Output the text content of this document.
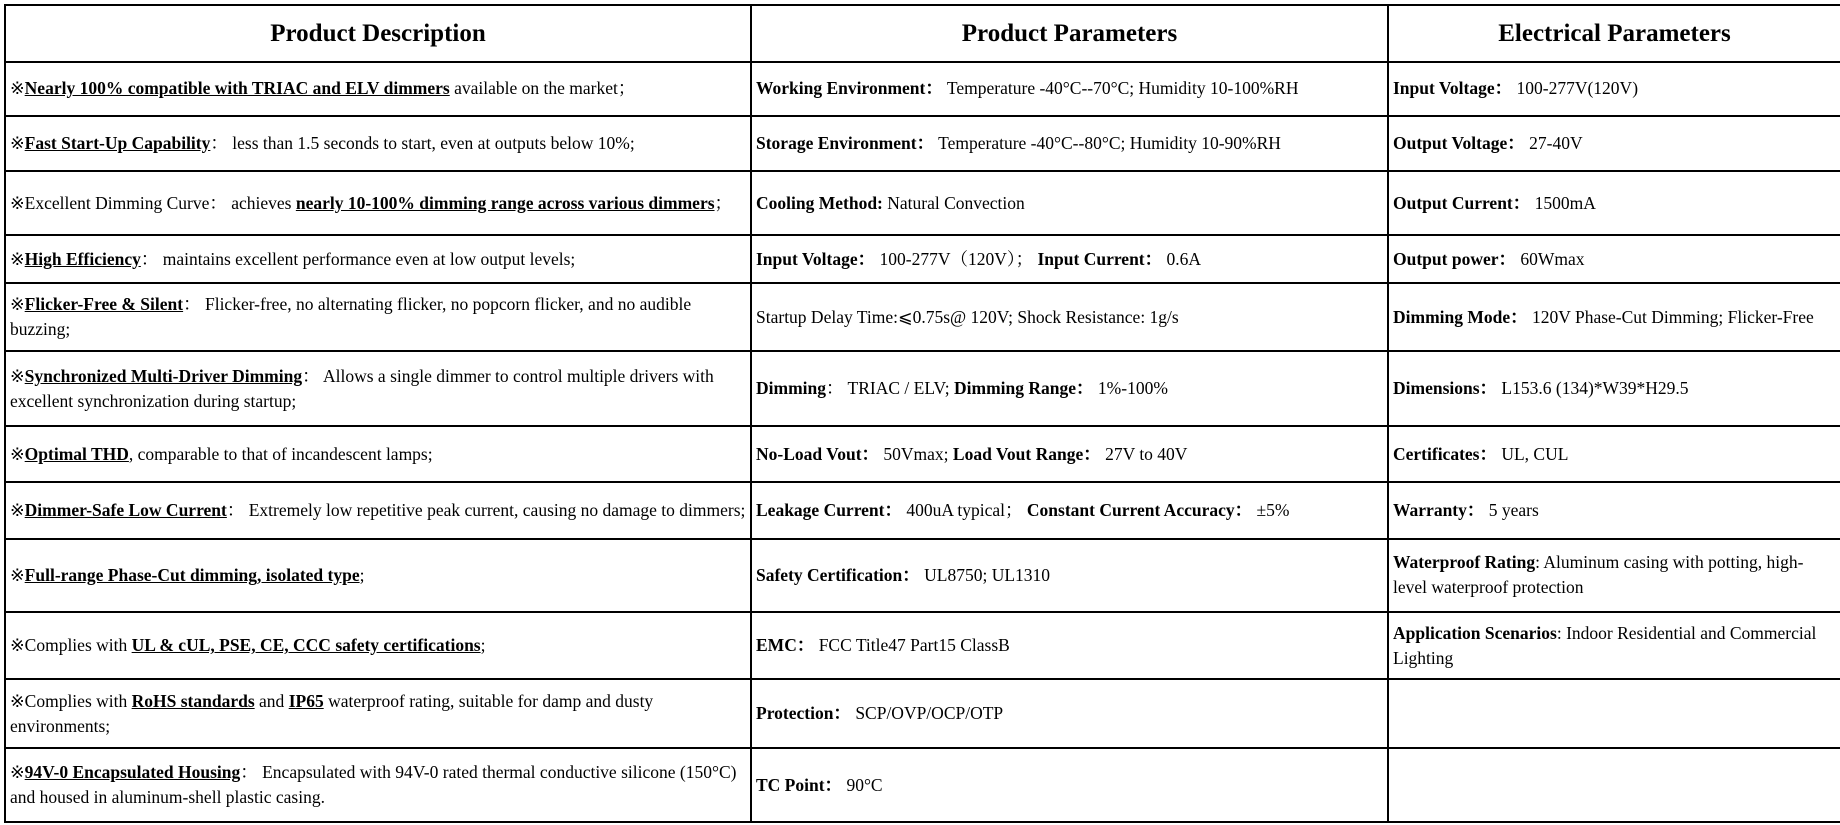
Product Description	Product Parameters	Electrical Parameters
※Nearly 100% compatible with TRIAC and ELV dimmers available on the market；	Working Environment： Temperature -40°C--70°C; Humidity 10-100%RH	Input Voltage： 100-277V(120V)
※Fast Start-Up Capability： less than 1.5 seconds to start, even at outputs below 10%;	Storage Environment： Temperature -40°C--80°C; Humidity 10-90%RH	Output Voltage： 27-40V
※Excellent Dimming Curve： achieves nearly 10-100% dimming range across various dimmers；	Cooling Method: Natural Convection	Output Current： 1500mA
※High Efficiency： maintains excellent performance even at low output levels;	Input Voltage： 100-277V（120V）； Input Current： 0.6A	Output power： 60Wmax
※Flicker-Free & Silent： Flicker-free, no alternating flicker, no popcorn flicker, and no audible buzzing;	Startup Delay Time:⩽0.75s@ 120V; Shock Resistance: 1g/s	Dimming Mode： 120V Phase-Cut Dimming; Flicker-Free
※Synchronized Multi-Driver Dimming： Allows a single dimmer to control multiple drivers with excellent synchronization during startup;	Dimming： TRIAC / ELV; Dimming Range： 1%-100%	Dimensions： L153.6 (134)*W39*H29.5
※Optimal THD, comparable to that of incandescent lamps;	No-Load Vout： 50Vmax; Load Vout Range： 27V to 40V	Certificates： UL, CUL
※Dimmer-Safe Low Current： Extremely low repetitive peak current, causing no damage to dimmers;	Leakage Current： 400uA typical； Constant Current Accuracy： ±5%	Warranty： 5 years
※Full-range Phase-Cut dimming, isolated type;	Safety Certification： UL8750; UL1310	Waterproof Rating: Aluminum casing with potting, high-level waterproof protection
※Complies with UL & cUL, PSE, CE, CCC safety certifications;	EMC： FCC Title47 Part15 ClassB	Application Scenarios: Indoor Residential and Commercial Lighting
※Complies with RoHS standards and IP65 waterproof rating, suitable for damp and dusty environments;	Protection： SCP/OVP/OCP/OTP	
※94V-0 Encapsulated Housing： Encapsulated with 94V-0 rated thermal conductive silicone (150°C) and housed in aluminum-shell plastic casing.	TC Point： 90°C	
